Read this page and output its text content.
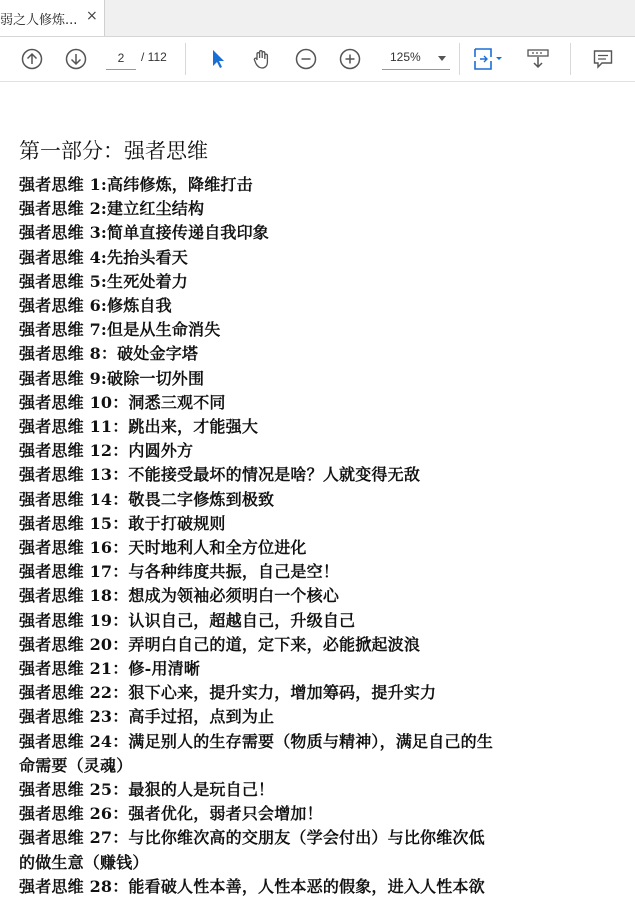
弱之人修炼... ×
2
/ 112	125%
第一部分：强者思维
强者思维 1:高纬修炼，降维打击
强者思维 2:建立红尘结构
强者思维 3:简单直接传递自我印象
强者思维 4:先抬头看天
强者思维 5:生死处着力
强者思维 6:修炼自我
强者思维 7:但是从生命消失
强者思维 8：破处金字塔
强者思维 9:破除一切外围
强者思维 10：洞悉三观不同
强者思维 11：跳出来，才能强大
强者思维 12：内圆外方
强者思维 13：不能接受最坏的情况是啥？人就变得无敌
强者思维 14：敬畏二字修炼到极致
强者思维 15：敢于打破规则
强者思维 16：天时地利人和全方位进化
强者思维 17：与各种纬度共振，自己是空！
强者思维 18：想成为领袖必须明白一个核心
强者思维 19：认识自己，超越自己，升级自己
强者思维 20：弄明白自己的道，定下来，必能掀起波浪
强者思维 21：修-用清晰
强者思维 22：狠下心来，提升实力，增加筹码，提升实力
强者思维 23：高手过招，点到为止
强者思维 24：满足别人的生存需要（物质与精神），满足自己的生
命需要（灵魂）
强者思维 25：最狠的人是玩自己！
强者思维 26：强者优化，弱者只会增加！
强者思维 27：与比你维次高的交朋友（学会付出）与比你维次低
的做生意（赚钱）
强者思维 28：能看破人性本善，人性本恶的假象，进入人性本欲
